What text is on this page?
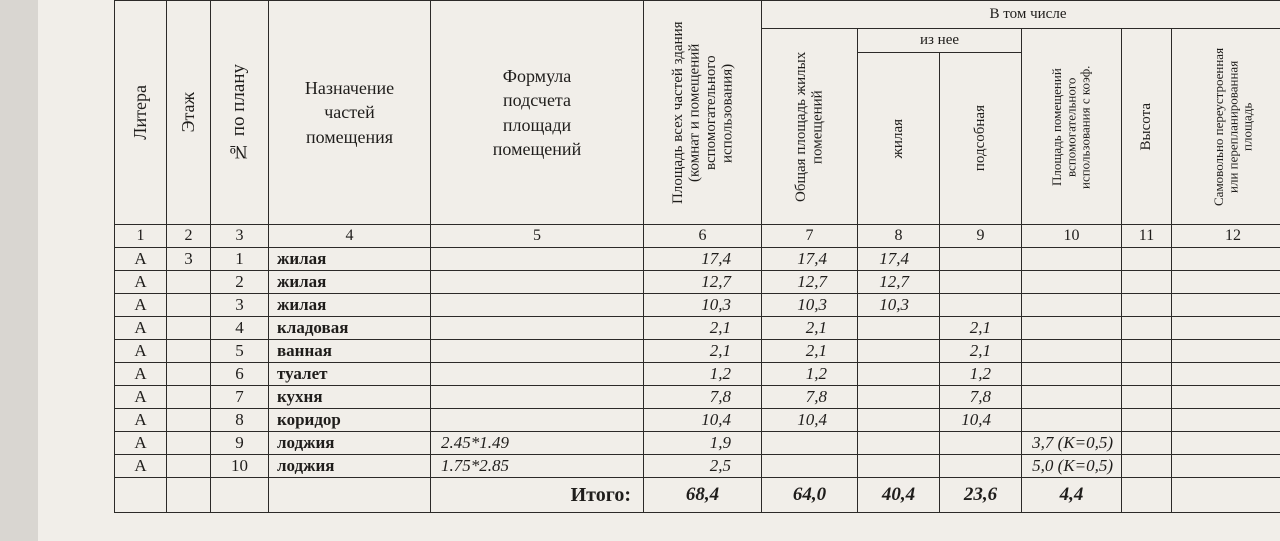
Литера	Этаж	№ по плану	Назначение частей помещения	Формула подсчета площади помещений	Площадь всех частей здания (комнат и помещений вспомогательного использования)	В том числе					

						Общая площадь жилых помещений	из нее		Площадь помещений вспомогательного использования с коэф.	Высота	Самовольно переустроенная или перепланированная площадь

							жилая	подсобная			

1	2	3	4	5	6	7	8	9	10	11	12
А	3	1	жилая		17,4	17,4	17,4				
А		2	жилая		12,7	12,7	12,7				
А		3	жилая		10,3	10,3	10,3				
А		4	кладовая		2,1	2,1		2,1			
А		5	ванная		2,1	2,1		2,1			
А		6	туалет		1,2	1,2		1,2			
А		7	кухня		7,8	7,8		7,8			
А		8	коридор		10,4	10,4		10,4			
А		9	лоджия	2.45*1.49	1,9				3,7 (К=0,5)		
А		10	лоджия	1.75*2.85	2,5				5,0 (К=0,5)		
				Итого:	68,4	64,0	40,4	23,6	4,4		
